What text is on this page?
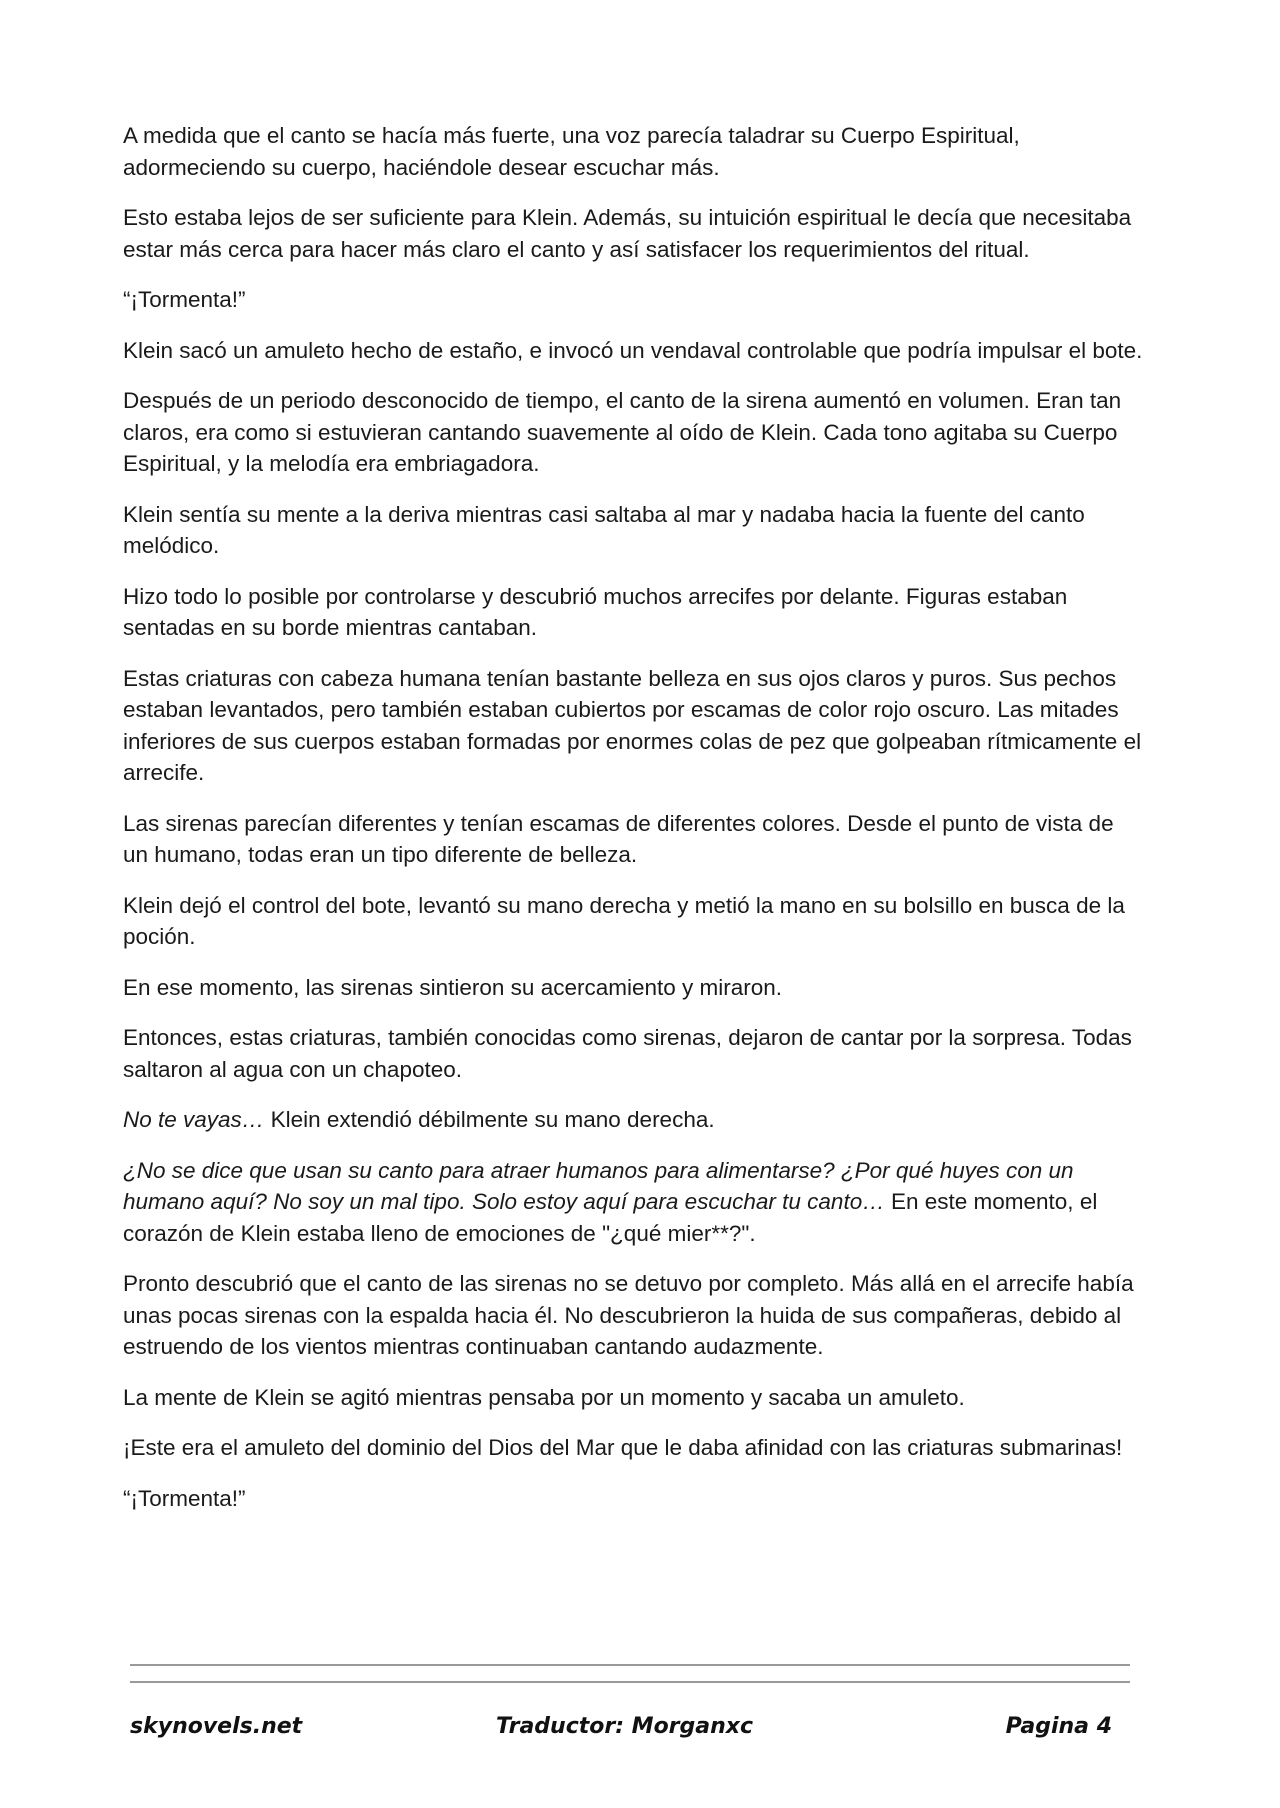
A medida que el canto se hacía más fuerte, una voz parecía taladrar su Cuerpo Espiritual, adormeciendo su cuerpo, haciéndole desear escuchar más.

Esto estaba lejos de ser suficiente para Klein. Además, su intuición espiritual le decía que necesitaba estar más cerca para hacer más claro el canto y así satisfacer los requerimientos del ritual.

“¡Tormenta!”

Klein sacó un amuleto hecho de estaño, e invocó un vendaval controlable que podría impulsar el bote.

Después de un periodo desconocido de tiempo, el canto de la sirena aumentó en volumen. Eran tan claros, era como si estuvieran cantando suavemente al oído de Klein. Cada tono agitaba su Cuerpo Espiritual, y la melodía era embriagadora.

Klein sentía su mente a la deriva mientras casi saltaba al mar y nadaba hacia la fuente del canto melódico.

Hizo todo lo posible por controlarse y descubrió muchos arrecifes por delante. Figuras estaban sentadas en su borde mientras cantaban.

Estas criaturas con cabeza humana tenían bastante belleza en sus ojos claros y puros. Sus pechos estaban levantados, pero también estaban cubiertos por escamas de color rojo oscuro. Las mitades inferiores de sus cuerpos estaban formadas por enormes colas de pez que golpeaban rítmicamente el arrecife.

Las sirenas parecían diferentes y tenían escamas de diferentes colores. Desde el punto de vista de un humano, todas eran un tipo diferente de belleza.

Klein dejó el control del bote, levantó su mano derecha y metió la mano en su bolsillo en busca de la poción.

En ese momento, las sirenas sintieron su acercamiento y miraron.

Entonces, estas criaturas, también conocidas como sirenas, dejaron de cantar por la sorpresa. Todas saltaron al agua con un chapoteo.

No te vayas… Klein extendió débilmente su mano derecha.

¿No se dice que usan su canto para atraer humanos para alimentarse? ¿Por qué huyes con un humano aquí? No soy un mal tipo. Solo estoy aquí para escuchar tu canto… En este momento, el corazón de Klein estaba lleno de emociones de "¿qué mier**?".

Pronto descubrió que el canto de las sirenas no se detuvo por completo. Más allá en el arrecife había unas pocas sirenas con la espalda hacia él. No descubrieron la huida de sus compañeras, debido al estruendo de los vientos mientras continuaban cantando audazmente.

La mente de Klein se agitó mientras pensaba por un momento y sacaba un amuleto.

¡Este era el amuleto del dominio del Dios del Mar que le daba afinidad con las criaturas submarinas!

“¡Tormenta!”

skynovels.net	Traductor: Morganxc	Pagina 4
